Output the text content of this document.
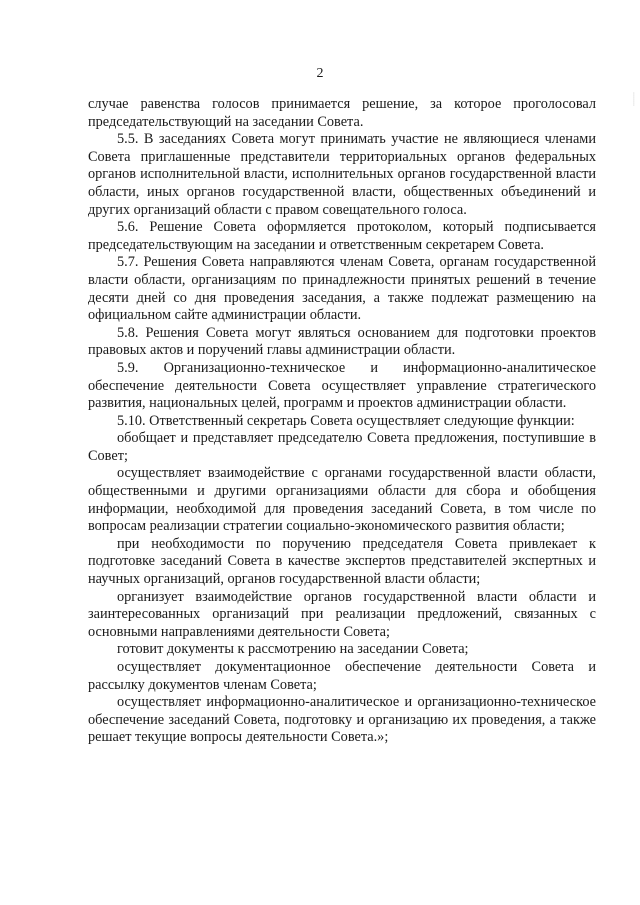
2
·······

случае равенства голосов принимается решение, за которое проголосовал председательствующий на заседании Совета.

5.5. В заседаниях Совета могут принимать участие не являющиеся членами Совета приглашенные представители территориальных органов федеральных органов исполнительной власти, исполнительных органов государственной власти области, иных органов государственной власти, общественных объединений и других организаций области с правом совещательного голоса.

5.6. Решение Совета оформляется протоколом, который подписывается председательствующим на заседании и ответственным секретарем Совета.

5.7. Решения Совета направляются членам Совета, органам государственной власти области, организациям по принадлежности принятых решений в течение десяти дней со дня проведения заседания, а также подлежат размещению на официальном сайте администрации области.

5.8. Решения Совета могут являться основанием для подготовки проектов правовых актов и поручений главы администрации области.

5.9. Организационно-техническое и информационно-аналитическое обеспечение деятельности Совета осуществляет управление стратегического развития, национальных целей, программ и проектов администрации области.

5.10. Ответственный секретарь Совета осуществляет следующие функции:

обобщает и представляет председателю Совета предложения, поступившие в Совет;

осуществляет взаимодействие с органами государственной власти области, общественными и другими организациями области для сбора и обобщения информации, необходимой для проведения заседаний Совета, в том числе по вопросам реализации стратегии социально-экономического развития области;

при необходимости по поручению председателя Совета привлекает к подготовке заседаний Совета в качестве экспертов представителей экспертных и научных организаций, органов государственной власти области;

организует взаимодействие органов государственной власти области и заинтересованных организаций при реализации предложений, связанных с основными направлениями деятельности Совета;

готовит документы к рассмотрению на заседании Совета;

осуществляет документационное обеспечение деятельности Совета и рассылку документов членам Совета;

осуществляет информационно-аналитическое и организационно-техническое обеспечение заседаний Совета, подготовку и организацию их проведения, а также решает текущие вопросы деятельности Совета.»;
